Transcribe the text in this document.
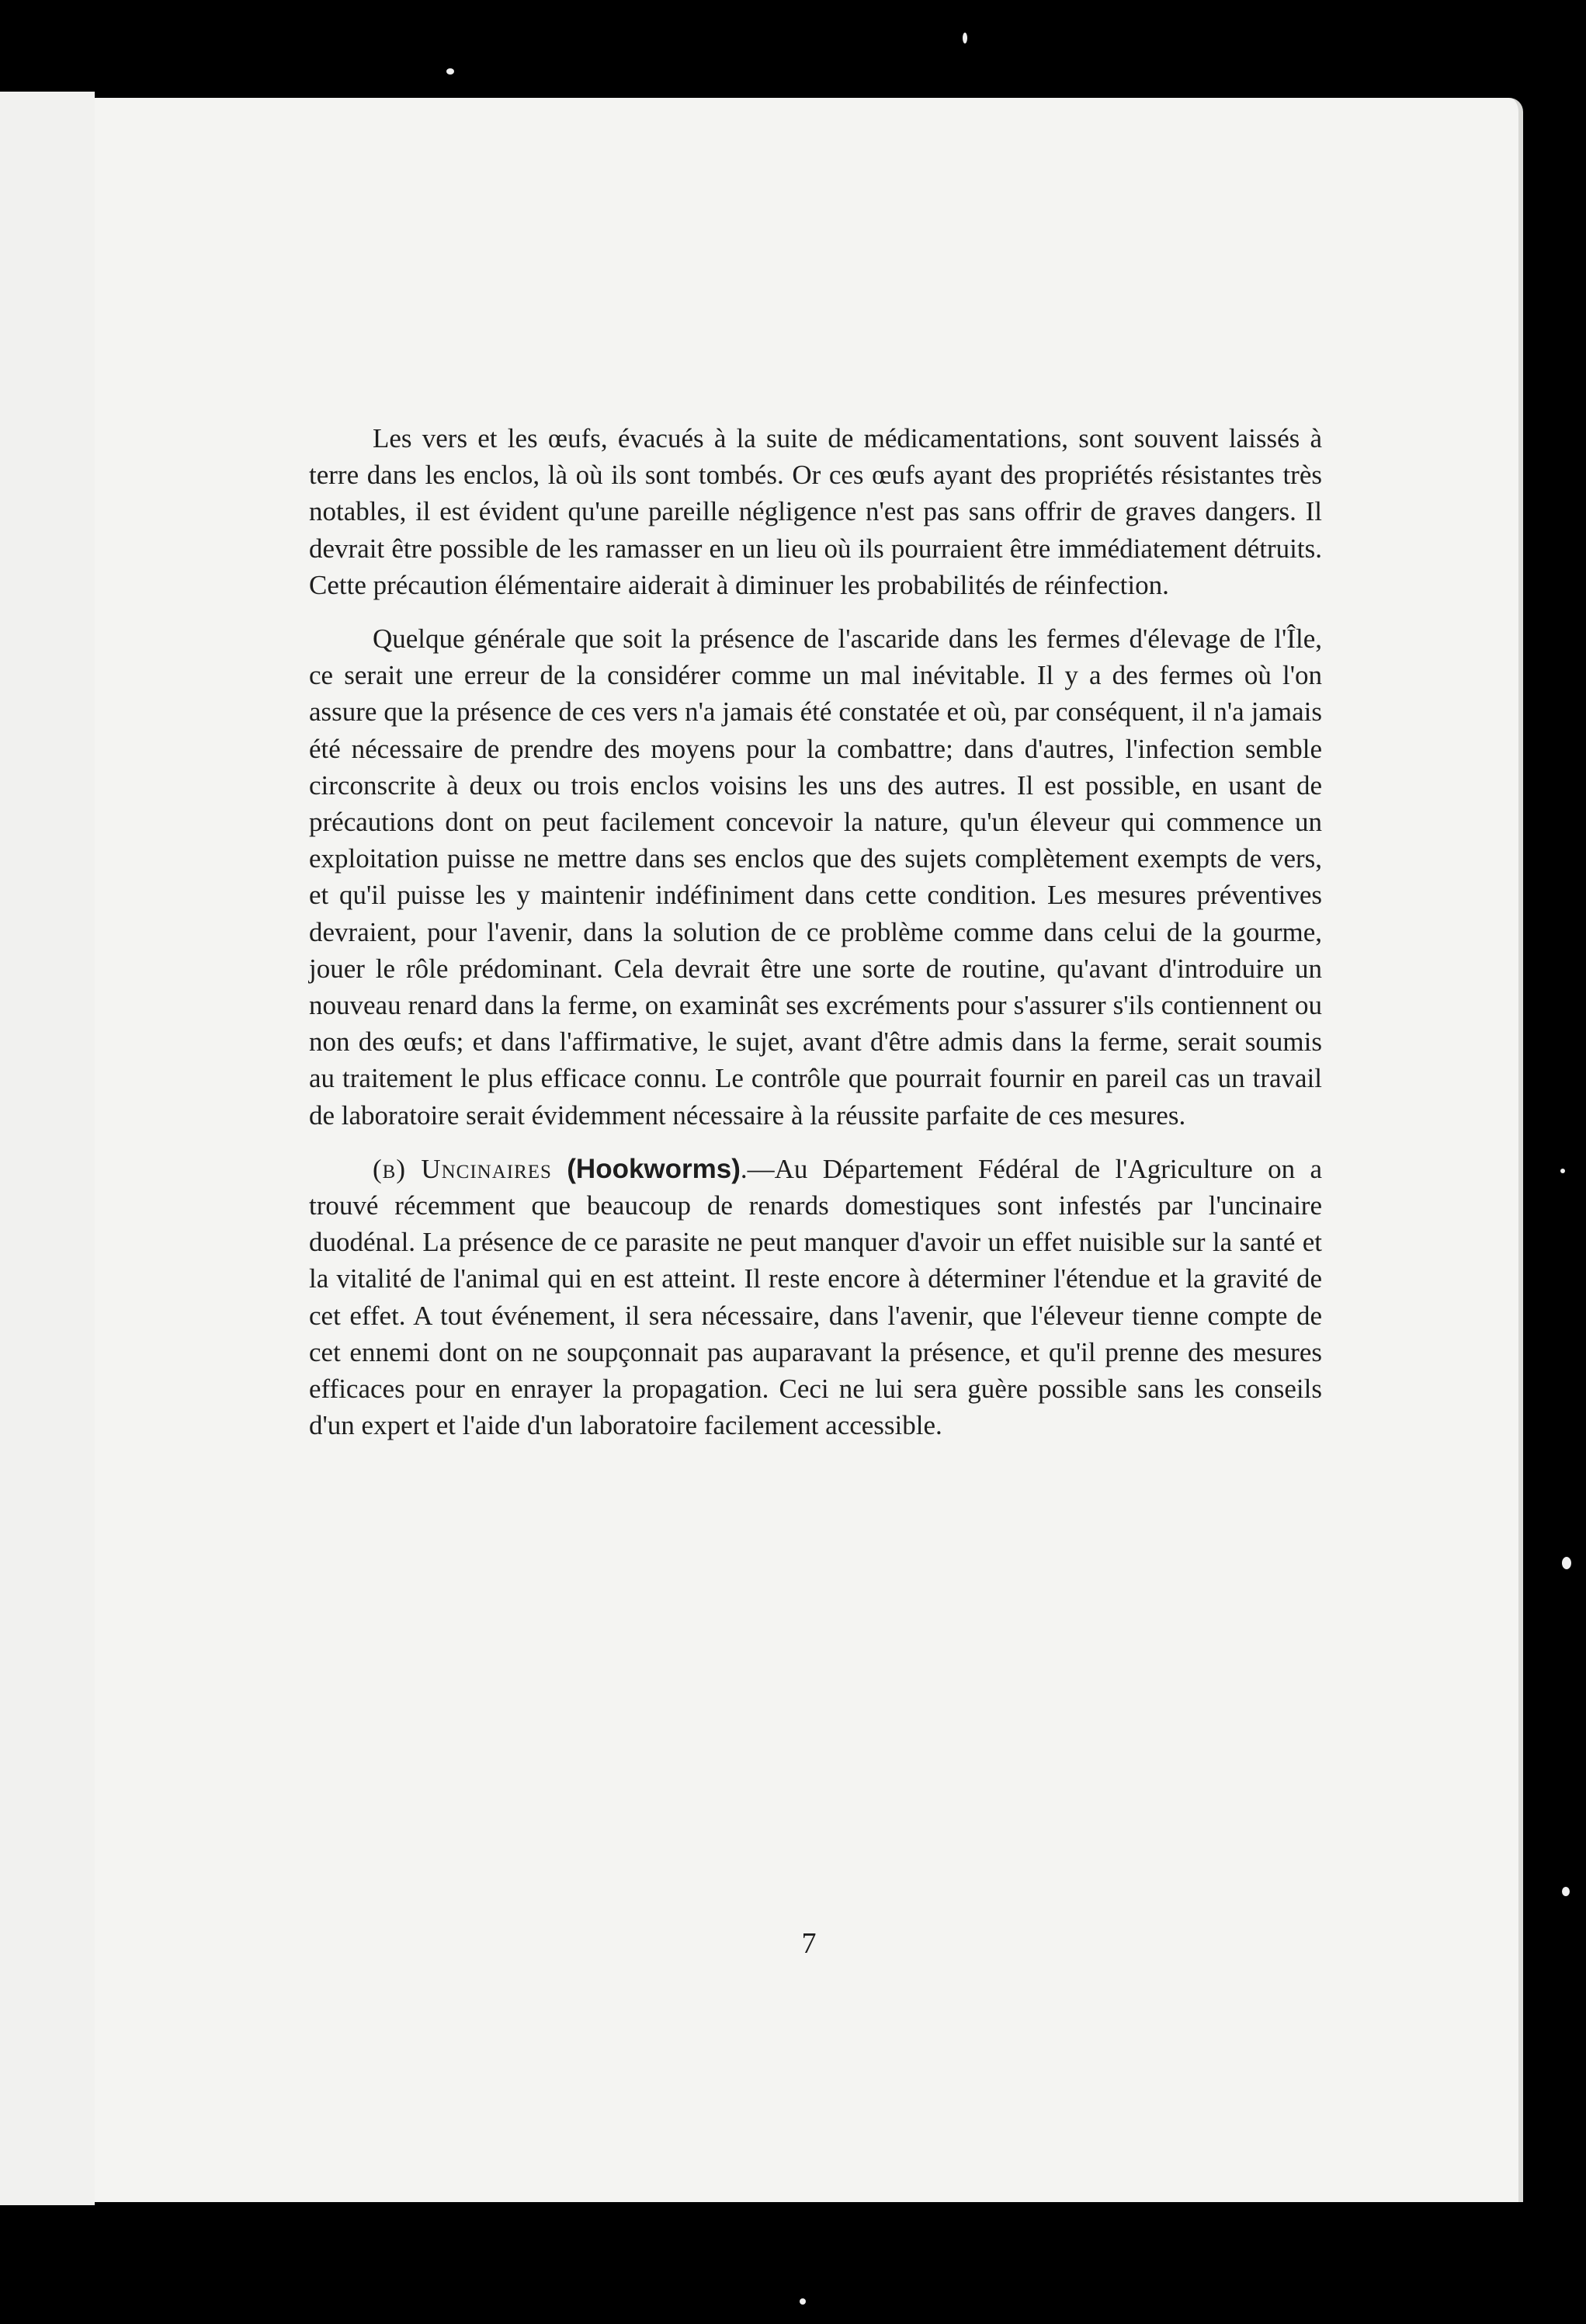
Les vers et les œufs, évacués à la suite de médicamentations, sont souvent laissés à terre dans les enclos, là où ils sont tombés. Or ces œufs ayant des propriétés résistantes très notables, il est évident qu'une pareille négligence n'est pas sans offrir de graves dangers. Il devrait être possible de les ramasser en un lieu où ils pourraient être immédiatement détruits. Cette précaution élémentaire aiderait à diminuer les probabilités de réinfection.

Quelque générale que soit la présence de l'ascaride dans les fermes d'élevage de l'Île, ce serait une erreur de la considérer comme un mal inévitable. Il y a des fermes où l'on assure que la présence de ces vers n'a jamais été constatée et où, par conséquent, il n'a jamais été nécessaire de prendre des moyens pour la combattre; dans d'autres, l'infection semble circonscrite à deux ou trois enclos voisins les uns des autres. Il est possible, en usant de précautions dont on peut facilement concevoir la nature, qu'un éleveur qui commence un exploitation puisse ne mettre dans ses enclos que des sujets complètement exempts de vers, et qu'il puisse les y maintenir indéfiniment dans cette condition. Les mesures préventives devraient, pour l'avenir, dans la solution de ce problème comme dans celui de la gourme, jouer le rôle prédominant. Cela devrait être une sorte de routine, qu'avant d'introduire un nouveau renard dans la ferme, on examinât ses excréments pour s'assurer s'ils contiennent ou non des œufs; et dans l'affirmative, le sujet, avant d'être admis dans la ferme, serait soumis au traitement le plus efficace connu. Le contrôle que pourrait fournir en pareil cas un travail de laboratoire serait évidemment nécessaire à la réussite parfaite de ces mesures.

(b) Uncinaires (Hookworms).—Au Département Fédéral de l'Agriculture on a trouvé récemment que beaucoup de renards domestiques sont infestés par l'uncinaire duodénal. La présence de ce parasite ne peut manquer d'avoir un effet nuisible sur la santé et la vitalité de l'animal qui en est atteint. Il reste encore à déterminer l'étendue et la gravité de cet effet. A tout événement, il sera nécessaire, dans l'avenir, que l'éleveur tienne compte de cet ennemi dont on ne soupçonnait pas auparavant la présence, et qu'il prenne des mesures efficaces pour en enrayer la propagation. Ceci ne lui sera guère possible sans les conseils d'un expert et l'aide d'un laboratoire facilement accessible.

7
